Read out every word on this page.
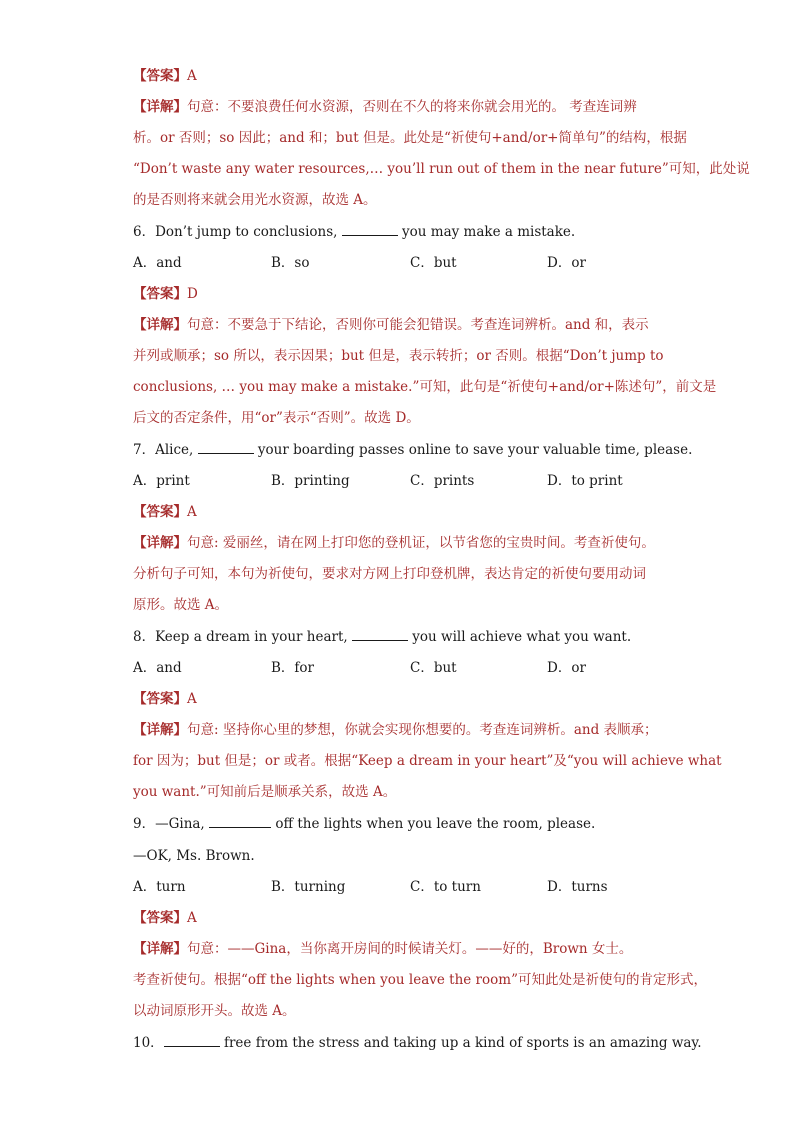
【答案】A
【详解】句意：不要浪费任何水资源，否则在不久的将来你就会用光的。 考查连词辨
析。or 否则；so 因此；and 和；but 但是。此处是“祈使句+and/or+简单句”的结构，根据
“Don’t waste any water resources,… you’ll run out of them in the near future”可知，此处说
的是否则将来就会用光水资源，故选 A。
6．Don’t jump to conclusions,	you may make a mistake.
A．and	B．so	C．but	D．or
【答案】D
【详解】句意：不要急于下结论，否则你可能会犯错误。考查连词辨析。and 和，表示
并列或顺承；so 所以，表示因果；but 但是，表示转折；or 否则。根据“Don’t jump to
conclusions, … you may make a mistake.”可知，此句是“祈使句+and/or+陈述句”，前文是
后文的否定条件，用“or”表示“否则”。故选 D。
7．Alice,	your boarding passes online to save your valuable time, please.
A．print	B．printing	C．prints	D．to print
【答案】A
【详解】句意: 爱丽丝，请在网上打印您的登机证，以节省您的宝贵时间。考查祈使句。
分析句子可知，本句为祈使句，要求对方网上打印登机牌，表达肯定的祈使句要用动词
原形。故选 A。
8．Keep a dream in your heart,	you will achieve what you want.
A．and	B．for	C．but	D．or
【答案】A
【详解】句意: 坚持你心里的梦想，你就会实现你想要的。考查连词辨析。and 表顺承；
for 因为；but 但是；or 或者。根据“Keep a dream in your heart”及“you will achieve what
you want.”可知前后是顺承关系，故选 A。
9．—Gina,	off the lights when you leave the room, please.
—OK, Ms. Brown.
A．turn	B．turning	C．to turn	D．turns
【答案】A
【详解】句意：——Gina，当你离开房间的时候请关灯。——好的，Brown 女士。
考查祈使句。根据“off the lights when you leave the room”可知此处是祈使句的肯定形式，
以动词原形开头。故选 A。
10．	free from the stress and taking up a kind of sports is an amazing way.
